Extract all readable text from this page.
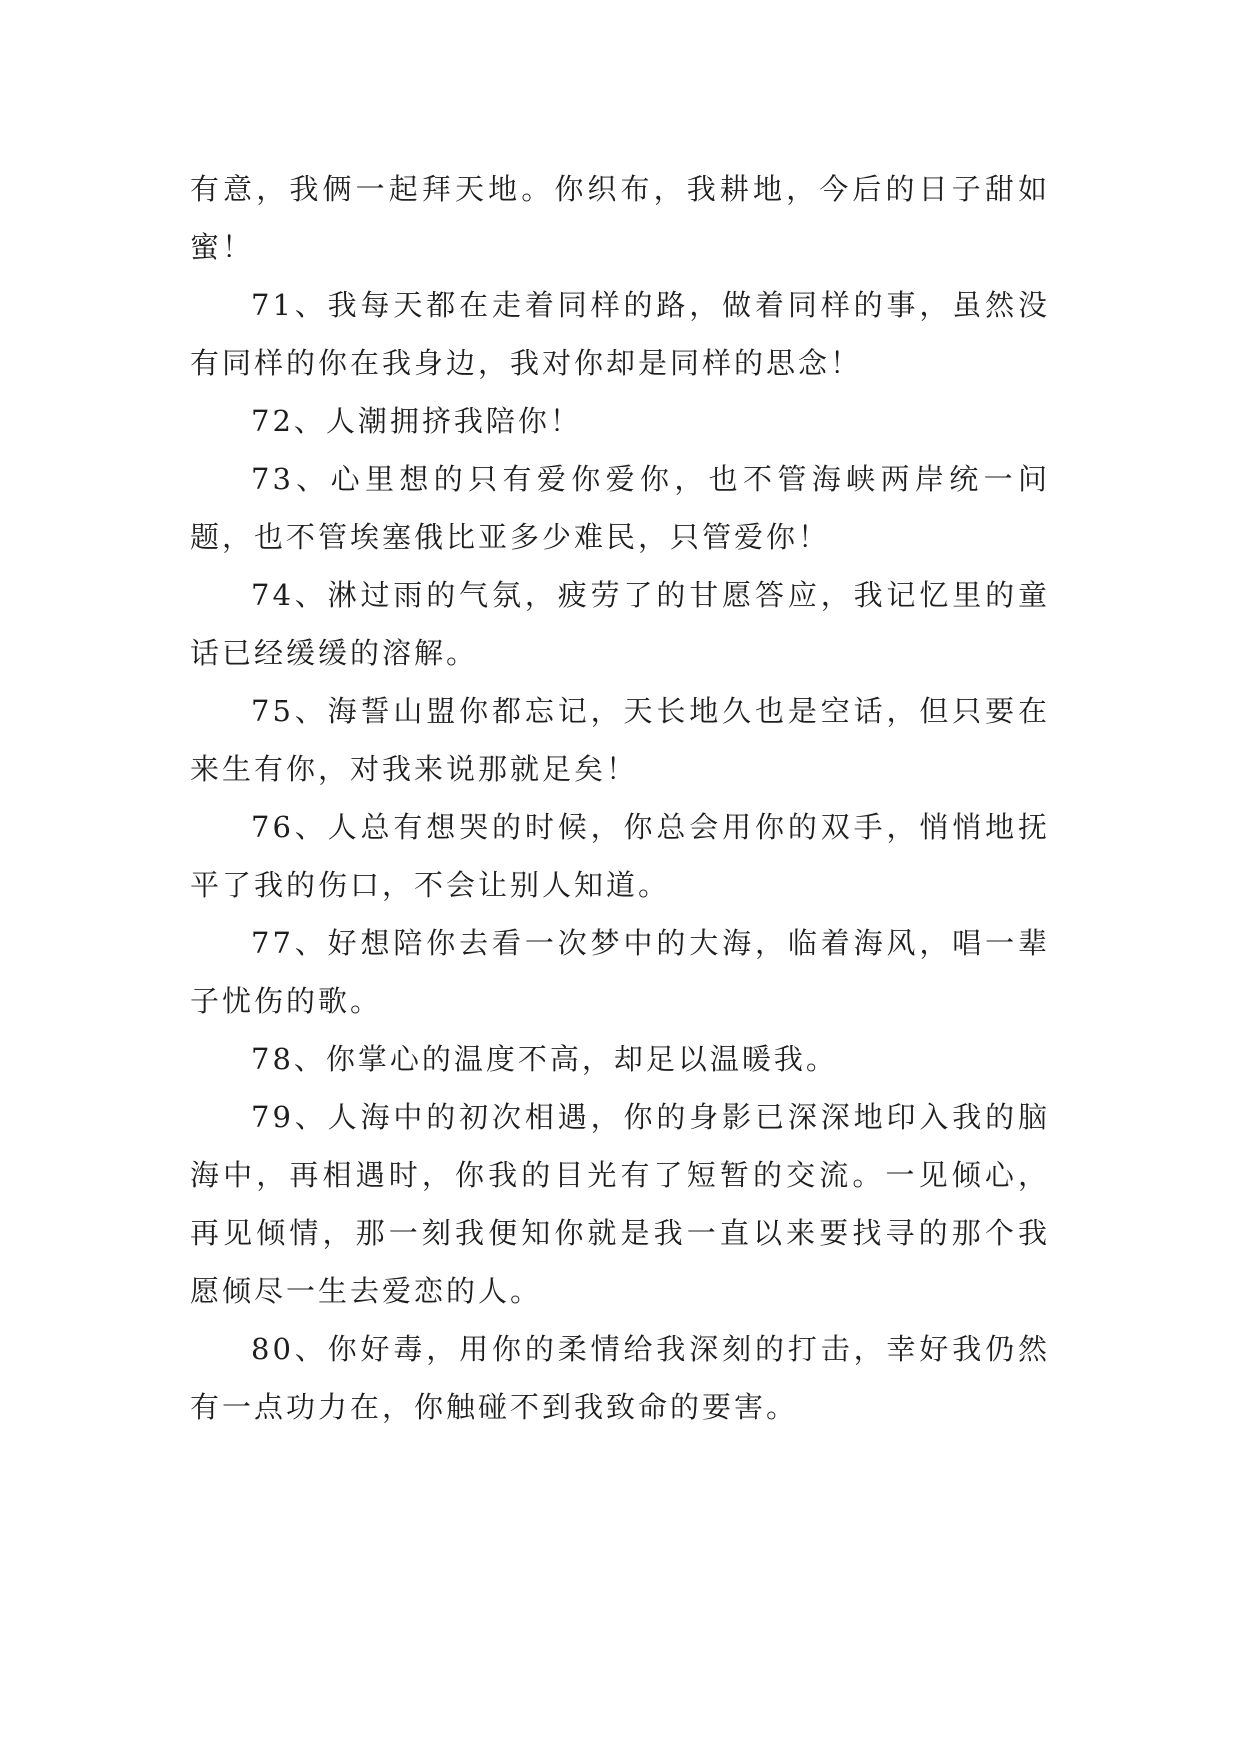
有意，我俩一起拜天地。你织布，我耕地，今后的日子甜如蜜！

71、我每天都在走着同样的路，做着同样的事，虽然没有同样的你在我身边，我对你却是同样的思念！

72、人潮拥挤我陪你！

73、心里想的只有爱你爱你，也不管海峡两岸统一问题，也不管埃塞俄比亚多少难民，只管爱你！

74、淋过雨的气氛，疲劳了的甘愿答应，我记忆里的童话已经缓缓的溶解。

75、海誓山盟你都忘记，天长地久也是空话，但只要在来生有你，对我来说那就足矣！

76、人总有想哭的时候，你总会用你的双手，悄悄地抚平了我的伤口，不会让别人知道。

77、好想陪你去看一次梦中的大海，临着海风，唱一辈子忧伤的歌。

78、你掌心的温度不高，却足以温暖我。

79、人海中的初次相遇，你的身影已深深地印入我的脑海中，再相遇时，你我的目光有了短暂的交流。一见倾心，再见倾情，那一刻我便知你就是我一直以来要找寻的那个我愿倾尽一生去爱恋的人。

80、你好毒，用你的柔情给我深刻的打击，幸好我仍然有一点功力在，你触碰不到我致命的要害。
